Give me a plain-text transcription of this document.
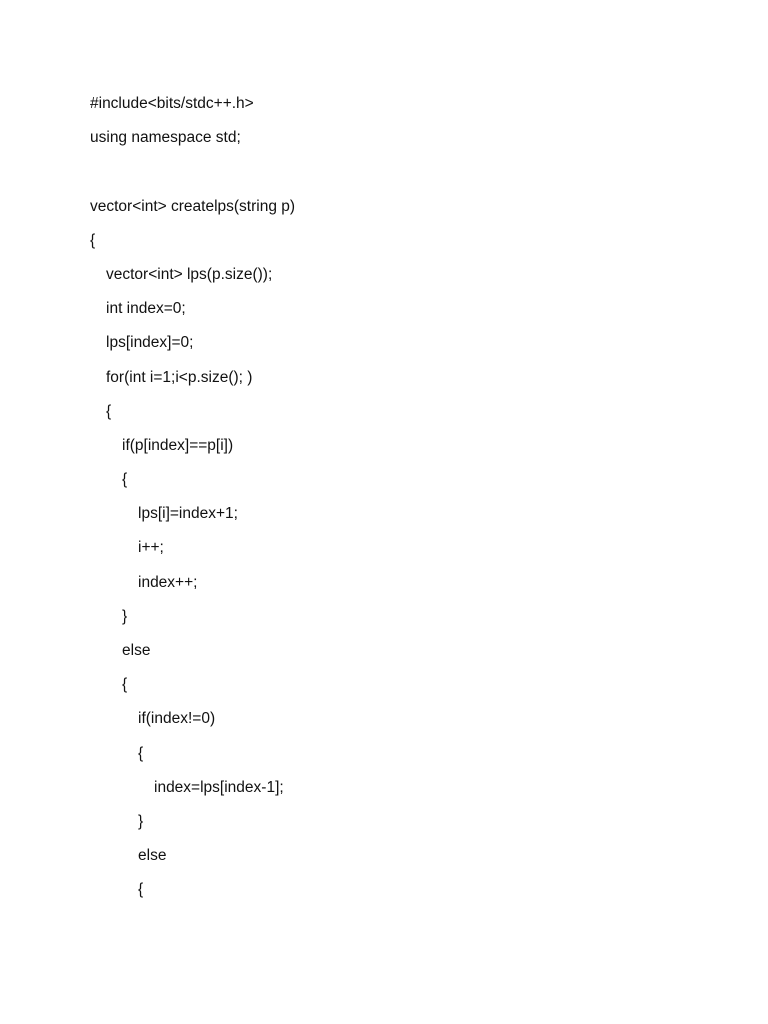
#include<bits/stdc++.h>
using namespace std;
vector<int> createlps(string p)
{
vector<int> lps(p.size());
int index=0;
lps[index]=0;
for(int i=1;i<p.size(); )
{
if(p[index]==p[i])
{
lps[i]=index+1;
i++;
index++;
}
else
{
if(index!=0)
{
index=lps[index-1];
}
else
{
